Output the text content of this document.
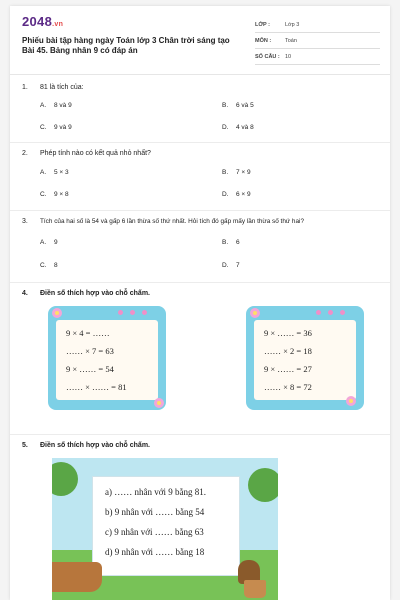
2048.vn
Phiếu bài tập hàng ngày Toán lớp 3 Chân trời sáng tạo Bài 45. Bảng nhân 9 có đáp án
LỚP :	Lớp 3
MÔN :	Toán
SỐ CÂU : 10
1. 81 là tích của:
A. 8 và 9	B. 6 và 5
C. 9 và 9	D. 4 và 8
2. Phép tính nào có kết quả nhỏ nhất?
A. 5 × 3	B. 7 × 9
C. 9 × 8	D. 6 × 9
3. Tích của hai số là 54 và gấp 6 lần thừa số thứ nhất. Hỏi tích đó gấp mấy lần thừa số thứ hai?
A. 9	B. 6
C. 8	D. 7
4. Điền số thích hợp vào chỗ chấm.
9 × 4 = ……
…… × 7 = 63
9 × …… = 54
…… × …… = 81
9 × …… = 36
…… × 2 = 18
9 × …… = 27
…… × 8 = 72
5. Điền số thích hợp vào chỗ chấm.
a) …… nhân với 9 bằng 81.
b) 9 nhân với …… bằng 54
c) 9 nhân với …… bằng 63
d) 9 nhân với …… bằng 18
